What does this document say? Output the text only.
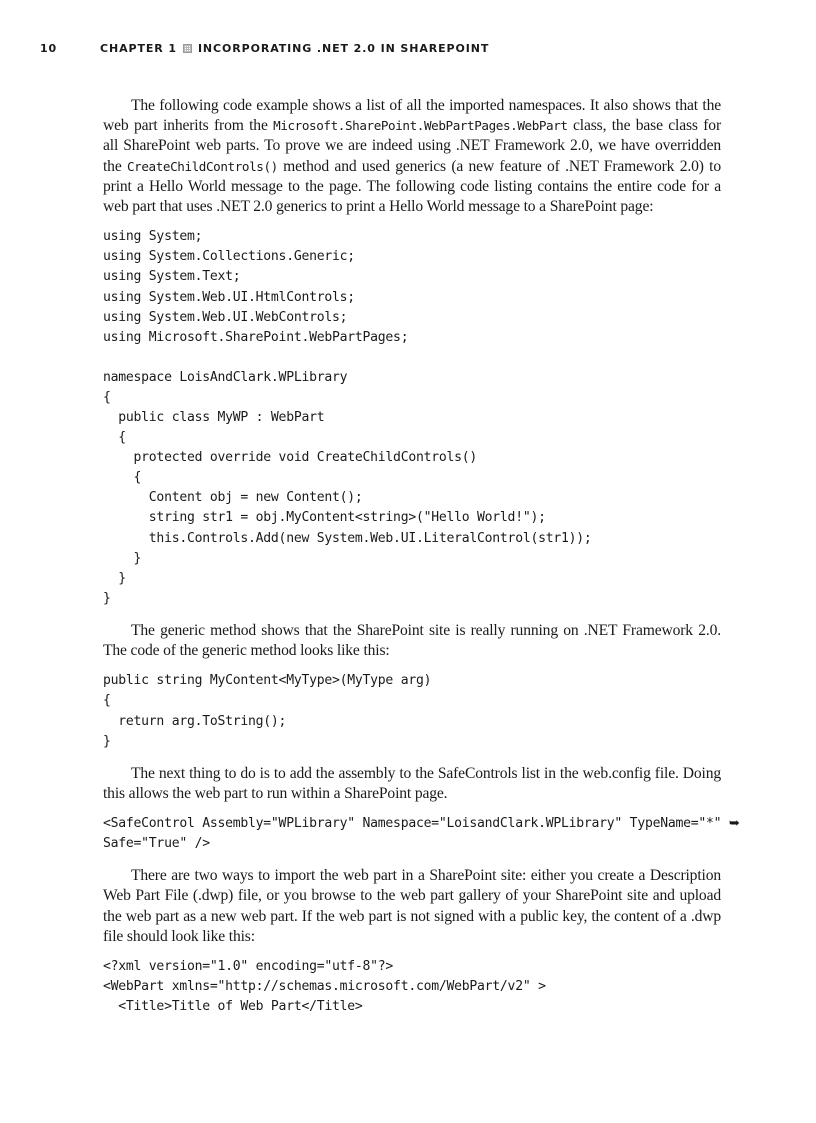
10	CHAPTER 1 INCORPORATING .NET 2.0 IN SHAREPOINT

The following code example shows a list of all the imported namespaces. It also shows that the web part inherits from the Microsoft.SharePoint.WebPartPages.WebPart class, the base class for all SharePoint web parts. To prove we are indeed using .NET Framework 2.0, we have overridden the CreateChildControls() method and used generics (a new feature of .NET Framework 2.0) to print a Hello World message to the page. The following code listing contains the entire code for a web part that uses .NET 2.0 generics to print a Hello World message to a SharePoint page:

using System;
using System.Collections.Generic;
using System.Text;
using System.Web.UI.HtmlControls;
using System.Web.UI.WebControls;
using Microsoft.SharePoint.WebPartPages;
namespace LoisAndClark.WPLibrary
{
public class MyWP : WebPart
{
protected override void CreateChildControls()
{
Content obj = new Content();
string str1 = obj.MyContent<string>("Hello World!");
this.Controls.Add(new System.Web.UI.LiteralControl(str1));
}
}
}

The generic method shows that the SharePoint site is really running on .NET Framework 2.0. The code of the generic method looks like this:

public string MyContent<MyType>(MyType arg)
{
return arg.ToString();
}

The next thing to do is to add the assembly to the SafeControls list in the web.config file. Doing this allows the web part to run within a SharePoint page.

<SafeControl Assembly="WPLibrary" Namespace="LoisandClark.WPLibrary" TypeName="*" ➥
Safe="True" />

There are two ways to import the web part in a SharePoint site: either you create a Description Web Part File (.dwp) file, or you browse to the web part gallery of your SharePoint site and upload the web part as a new web part. If the web part is not signed with a public key, the content of a .dwp file should look like this:

<?xml version="1.0" encoding="utf-8"?>
<WebPart xmlns="http://schemas.microsoft.com/WebPart/v2" >
<Title>Title of Web Part</Title>
